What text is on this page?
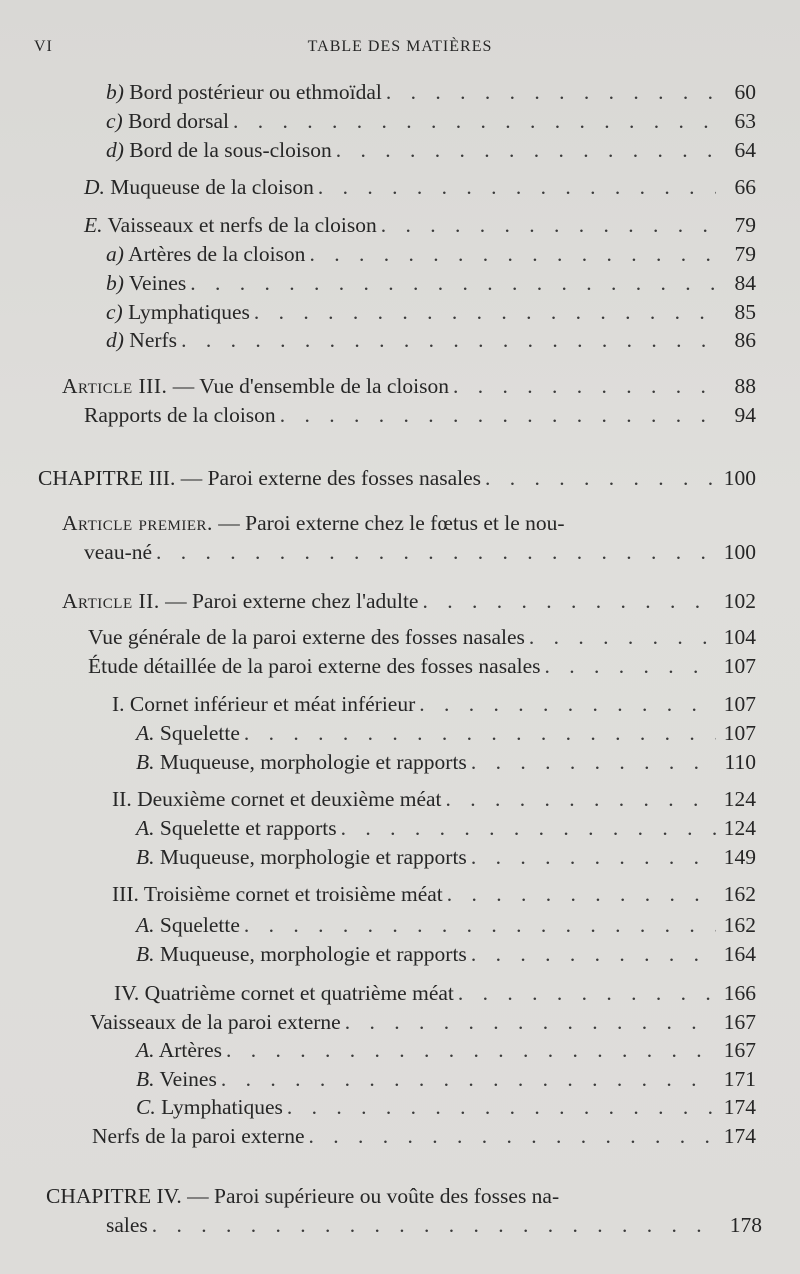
VI	TABLE DES MATIÈRES
b) Bord postérieur ou ethmoïdal . . .	60
c) Bord dorsal . . .	63
d) Bord de la sous-cloison . . .	64
D. Muqueuse de la cloison . . .	66
E. Vaisseaux et nerfs de la cloison . . .	79
a) Artères de la cloison . . .	79
b) Veines . . .	84
c) Lymphatiques . . .	85
d) Nerfs . . .	86
Article III. — Vue d'ensemble de la cloison . . .	88
Rapports de la cloison . . .	94
CHAPITRE III. — Paroi externe des fosses nasales . . .	100
Article premier. — Paroi externe chez le fœtus et le nou-
veau-né . . .	100
Article II. — Paroi externe chez l'adulte . . .	102
Vue générale de la paroi externe des fosses nasales . . .	104
Étude détaillée de la paroi externe des fosses nasales . . .	107
I. Cornet inférieur et méat inférieur . . .	107
A. Squelette . . .	107
B. Muqueuse, morphologie et rapports . . .	110
II. Deuxième cornet et deuxième méat . . .	124
A. Squelette et rapports . . .	124
B. Muqueuse, morphologie et rapports . . .	149
III. Troisième cornet et troisième méat . . .	162
A. Squelette . . .	162
B. Muqueuse, morphologie et rapports . . .	164
IV. Quatrième cornet et quatrième méat . . .	166
Vaisseaux de la paroi externe . . .	167
A. Artères . . .	167
B. Veines . . .	171
C. Lymphatiques . . .	174
Nerfs de la paroi externe . . .	174
CHAPITRE IV. — Paroi supérieure ou voûte des fosses na-
sales . . .	178
